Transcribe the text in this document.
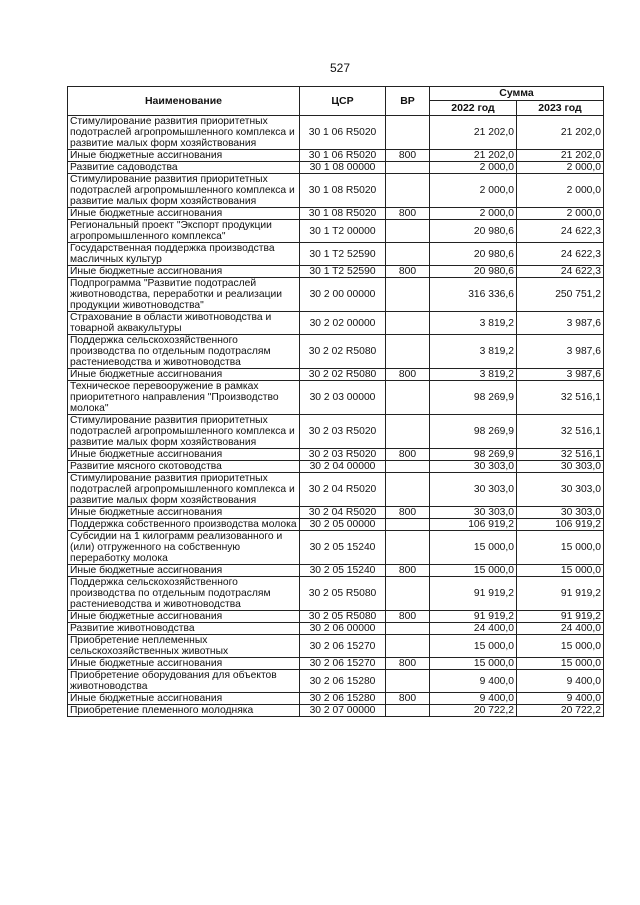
527
Наименование	ЦСР	ВР	Сумма	
			2022 год	2023 год
Стимулирование развития приоритетных подотраслей агропромышленного комплекса и развитие малых форм хозяйствования	30 1 06 R5020		21 202,0	21 202,0
Иные бюджетные ассигнования	30 1 06 R5020	800	21 202,0	21 202,0
Развитие садоводства	30 1 08 00000		2 000,0	2 000,0
Стимулирование развития приоритетных подотраслей агропромышленного комплекса и развитие малых форм хозяйствования	30 1 08 R5020		2 000,0	2 000,0
Иные бюджетные ассигнования	30 1 08 R5020	800	2 000,0	2 000,0
Региональный проект "Экспорт продукции агропромышленного комплекса"	30 1 T2 00000		20 980,6	24 622,3
Государственная поддержка производства масличных культур	30 1 T2 52590		20 980,6	24 622,3
Иные бюджетные ассигнования	30 1 T2 52590	800	20 980,6	24 622,3
Подпрограмма "Развитие подотраслей животноводства, переработки и реализации продукции животноводства"	30 2 00 00000		316 336,6	250 751,2
Страхование в области животноводства и товарной аквакультуры	30 2 02 00000		3 819,2	3 987,6
Поддержка сельскохозяйственного производства по отдельным подотраслям растениеводства и животноводства	30 2 02 R5080		3 819,2	3 987,6
Иные бюджетные ассигнования	30 2 02 R5080	800	3 819,2	3 987,6
Техническое перевооружение в рамках приоритетного направления "Производство молока"	30 2 03 00000		98 269,9	32 516,1
Стимулирование развития приоритетных подотраслей агропромышленного комплекса и развитие малых форм хозяйствования	30 2 03 R5020		98 269,9	32 516,1
Иные бюджетные ассигнования	30 2 03 R5020	800	98 269,9	32 516,1
Развитие мясного скотоводства	30 2 04 00000		30 303,0	30 303,0
Стимулирование развития приоритетных подотраслей агропромышленного комплекса и развитие малых форм хозяйствования	30 2 04 R5020		30 303,0	30 303,0
Иные бюджетные ассигнования	30 2 04 R5020	800	30 303,0	30 303,0
Поддержка собственного производства молока	30 2 05 00000		106 919,2	106 919,2
Субсидии на 1 килограмм реализованного и (или) отгруженного на собственную переработку молока	30 2 05 15240		15 000,0	15 000,0
Иные бюджетные ассигнования	30 2 05 15240	800	15 000,0	15 000,0
Поддержка сельскохозяйственного производства по отдельным подотраслям растениеводства и животноводства	30 2 05 R5080		91 919,2	91 919,2
Иные бюджетные ассигнования	30 2 05 R5080	800	91 919,2	91 919,2
Развитие животноводства	30 2 06 00000		24 400,0	24 400,0
Приобретение неплеменных сельскохозяйственных животных	30 2 06 15270		15 000,0	15 000,0
Иные бюджетные ассигнования	30 2 06 15270	800	15 000,0	15 000,0
Приобретение оборудования для объектов животноводства	30 2 06 15280		9 400,0	9 400,0
Иные бюджетные ассигнования	30 2 06 15280	800	9 400,0	9 400,0
Приобретение племенного молодняка	30 2 07 00000		20 722,2	20 722,2
